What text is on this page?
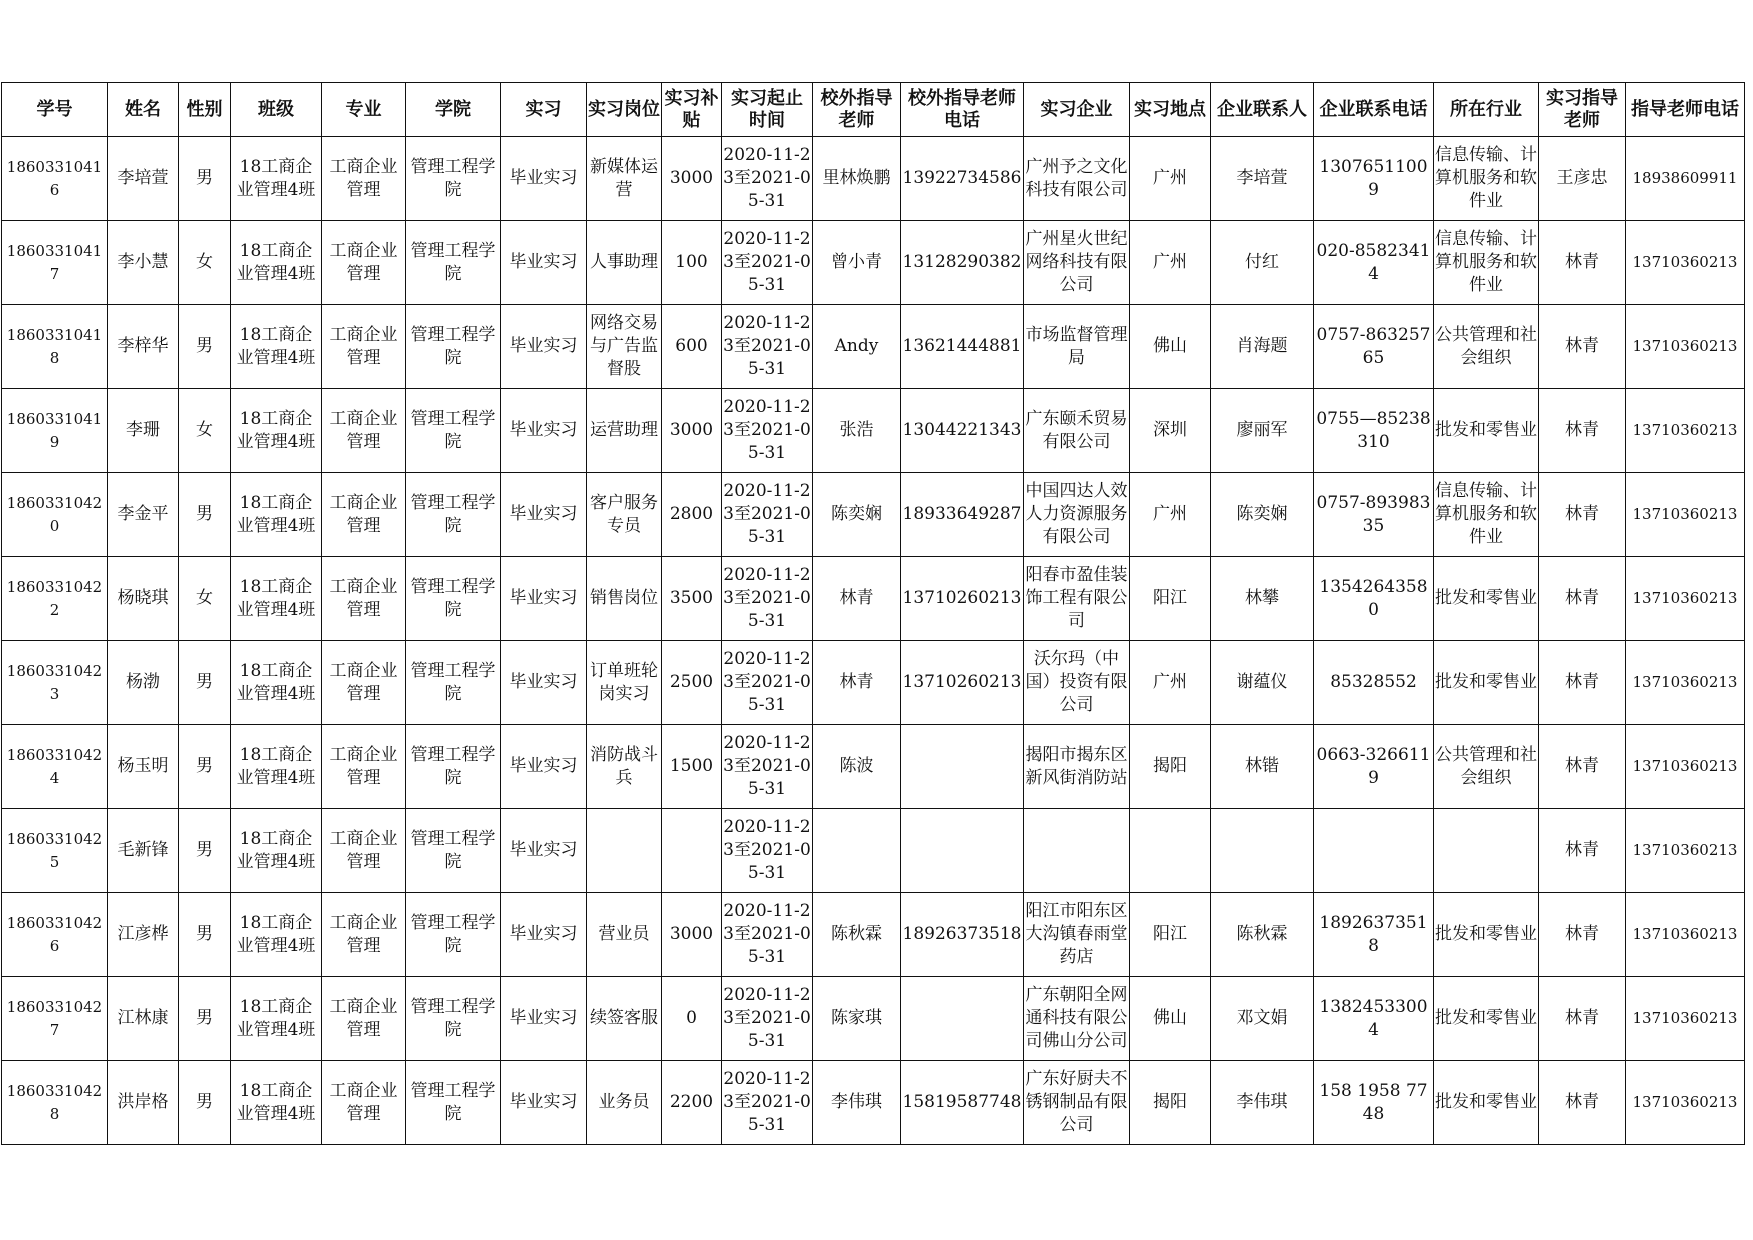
学号	姓名	性别	班级	专业	学院	实习	实习岗位	实习补贴	实习起止时间	校外指导老师	校外指导老师电话	实习企业	实习地点	企业联系人	企业联系电话	所在行业	实习指导老师	指导老师电话

18603310416	李培萱	男	18工商企业管理4班	工商企业管理	管理工程学院	毕业实习	新媒体运营	3000	2020-11-23至2021-05-31	里林焕鹏	13922734586	广州予之文化科技有限公司	广州	李培萱	13076511009	信息传输、计算机服务和软件业	王彦忠	18938609911

18603310417	李小慧	女	18工商企业管理4班	工商企业管理	管理工程学院	毕业实习	人事助理	100	2020-11-23至2021-05-31	曾小青	13128290382	广州星火世纪网络科技有限公司	广州	付红	020-85823414	信息传输、计算机服务和软件业	林青	13710360213

18603310418	李梓华	男	18工商企业管理4班	工商企业管理	管理工程学院	毕业实习	网络交易与广告监督股	600	2020-11-23至2021-05-31	Andy	13621444881	市场监督管理局	佛山	肖海题	0757-86325765	公共管理和社会组织	林青	13710360213

18603310419	李珊	女	18工商企业管理4班	工商企业管理	管理工程学院	毕业实习	运营助理	3000	2020-11-23至2021-05-31	张浩	13044221343	广东颐禾贸易有限公司	深圳	廖丽军	0755—85238310	批发和零售业	林青	13710360213

18603310420	李金平	男	18工商企业管理4班	工商企业管理	管理工程学院	毕业实习	客户服务专员	2800	2020-11-23至2021-05-31	陈奕娴	18933649287	中国四达人效人力资源服务有限公司	广州	陈奕娴	0757-89398335	信息传输、计算机服务和软件业	林青	13710360213

18603310422	杨晓琪	女	18工商企业管理4班	工商企业管理	管理工程学院	毕业实习	销售岗位	3500	2020-11-23至2021-05-31	林青	13710260213	阳春市盈佳装饰工程有限公司	阳江	林攀	13542643580	批发和零售业	林青	13710360213

18603310423	杨渤	男	18工商企业管理4班	工商企业管理	管理工程学院	毕业实习	订单班轮岗实习	2500	2020-11-23至2021-05-31	林青	13710260213	沃尔玛（中国）投资有限公司	广州	谢蕴仪	85328552	批发和零售业	林青	13710360213

18603310424	杨玉明	男	18工商企业管理4班	工商企业管理	管理工程学院	毕业实习	消防战斗兵	1500	2020-11-23至2021-05-31	陈波		揭阳市揭东区新风街消防站	揭阳	林锴	0663-3266119	公共管理和社会组织	林青	13710360213

18603310425	毛新锋	男	18工商企业管理4班	工商企业管理	管理工程学院	毕业实习			2020-11-23至2021-05-31								林青	13710360213

18603310426	江彦桦	男	18工商企业管理4班	工商企业管理	管理工程学院	毕业实习	营业员	3000	2020-11-23至2021-05-31	陈秋霖	18926373518	阳江市阳东区大沟镇春雨堂药店	阳江	陈秋霖	18926373518	批发和零售业	林青	13710360213

18603310427	江林康	男	18工商企业管理4班	工商企业管理	管理工程学院	毕业实习	续签客服	0	2020-11-23至2021-05-31	陈家琪		广东朝阳全网通科技有限公司佛山分公司	佛山	邓文娟	13824533004	批发和零售业	林青	13710360213

18603310428	洪岸格	男	18工商企业管理4班	工商企业管理	管理工程学院	毕业实习	业务员	2200	2020-11-23至2021-05-31	李伟琪	15819587748	广东好厨夫不锈钢制品有限公司	揭阳	李伟琪	158 1958 7748	批发和零售业	林青	13710360213
